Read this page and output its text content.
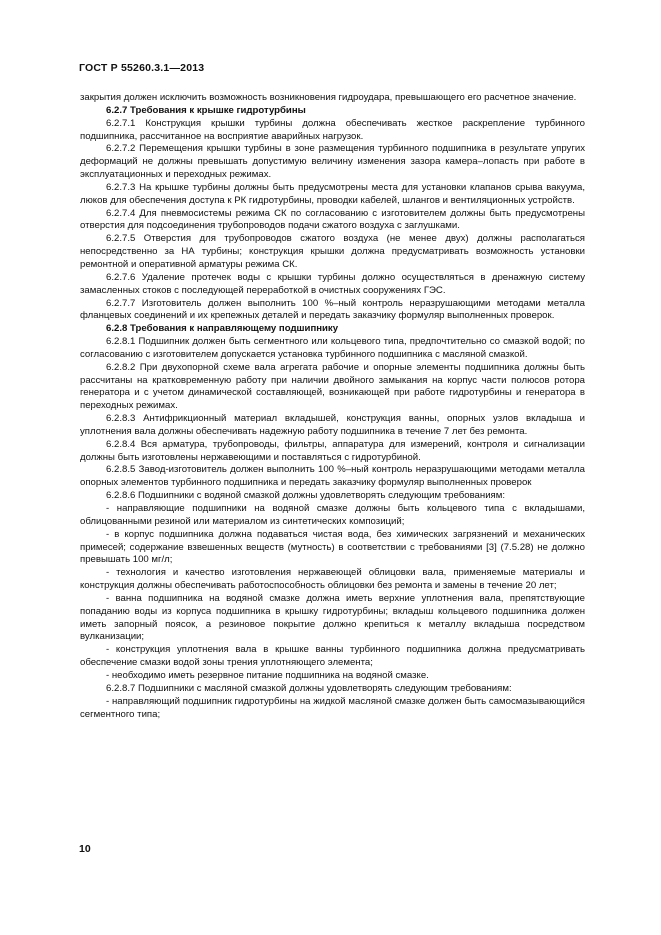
ГОСТ Р 55260.3.1—2013

закрытия должен исключить возможность возникновения гидроудара, превышающего его расчетное значение.

6.2.7 Требования к крышке гидротурбины

6.2.7.1 Конструкция крышки турбины должна обеспечивать жесткое раскрепление турбинного подшипника, рассчитанное на восприятие аварийных нагрузок.

6.2.7.2 Перемещения крышки турбины в зоне размещения турбинного подшипника в результате упругих деформаций не должны превышать допустимую величину изменения зазора камера–лопасть при работе в эксплуатационных и переходных режимах.

6.2.7.3 На крышке турбины должны быть предусмотрены места для установки клапанов срыва вакуума, люков для обеспечения доступа к РК гидротурбины, проводки кабелей, шлангов и вентиляционных устройств.

6.2.7.4 Для пневмосистемы режима СК по согласованию с изготовителем должны быть предусмотрены отверстия для подсоединения трубопроводов подачи сжатого воздуха с заглушками.

6.2.7.5 Отверстия для трубопроводов сжатого воздуха (не менее двух) должны располагаться непосредственно за НА турбины; конструкция крышки должна предусматривать возможность установки ремонтной и оперативной арматуры режима СК.

6.2.7.6 Удаление протечек воды с крышки турбины должно осуществляться в дренажную систему замасленных стоков с последующей переработкой в очистных сооружениях ГЭС.

6.2.7.7 Изготовитель должен выполнить 100 %–ный контроль неразрушающими методами металла фланцевых соединений и их крепежных деталей и передать заказчику формуляр выполненных проверок.

6.2.8 Требования к направляющему подшипнику

6.2.8.1 Подшипник должен быть сегментного или кольцевого типа, предпочтительно со смазкой водой; по согласованию с изготовителем допускается установка турбинного подшипника с масляной смазкой.

6.2.8.2 При двухопорной схеме вала агрегата рабочие и опорные элементы подшипника должны быть рассчитаны на кратковременную работу при наличии двойного замыкания на корпус части полюсов ротора генератора и с учетом динамической составляющей, возникающей при работе гидротурбины и генератора в переходных режимах.

6.2.8.3 Антифрикционный материал вкладышей, конструкция ванны, опорных узлов вкладыша и уплотнения вала должны обеспечивать надежную работу подшипника в течение 7 лет без ремонта.

6.2.8.4 Вся арматура, трубопроводы, фильтры, аппаратура для измерений, контроля и сигнализации должны быть изготовлены нержавеющими и поставляться с гидротурбиной.

6.2.8.5 Завод-изготовитель должен выполнить 100 %–ный контроль неразрушающими методами металла опорных элементов турбинного подшипника и передать заказчику формуляр выполненных проверок

6.2.8.6 Подшипники с водяной смазкой должны удовлетворять следующим требованиям:

- направляющие подшипники на водяной смазке должны быть кольцевого типа с вкладышами, облицованными резиной или материалом из синтетических композиций;

- в корпус подшипника должна подаваться чистая вода, без химических загрязнений и механических примесей; содержание взвешенных веществ (мутность) в соответствии с требованиями [3] (7.5.28) не должно превышать 100 мг/л;

- технология и качество изготовления нержавеющей облицовки вала, применяемые материалы и конструкция должны обеспечивать работоспособность облицовки без ремонта и замены в течение 20 лет;

- ванна подшипника на водяной смазке должна иметь верхние уплотнения вала, препятствующие попаданию воды из корпуса подшипника в крышку гидротурбины; вкладыш кольцевого подшипника должен иметь запорный поясок, а резиновое покрытие должно крепиться к металлу вкладыша посредством вулканизации;

- конструкция уплотнения вала в крышке ванны турбинного подшипника должна предусматривать обеспечение смазки водой зоны трения уплотняющего элемента;

- необходимо иметь резервное питание подшипника на водяной смазке.

6.2.8.7 Подшипники с масляной смазкой должны удовлетворять следующим требованиям:

- направляющий подшипник гидротурбины на жидкой масляной смазке должен быть самосмазывающийся сегментного типа;

10
